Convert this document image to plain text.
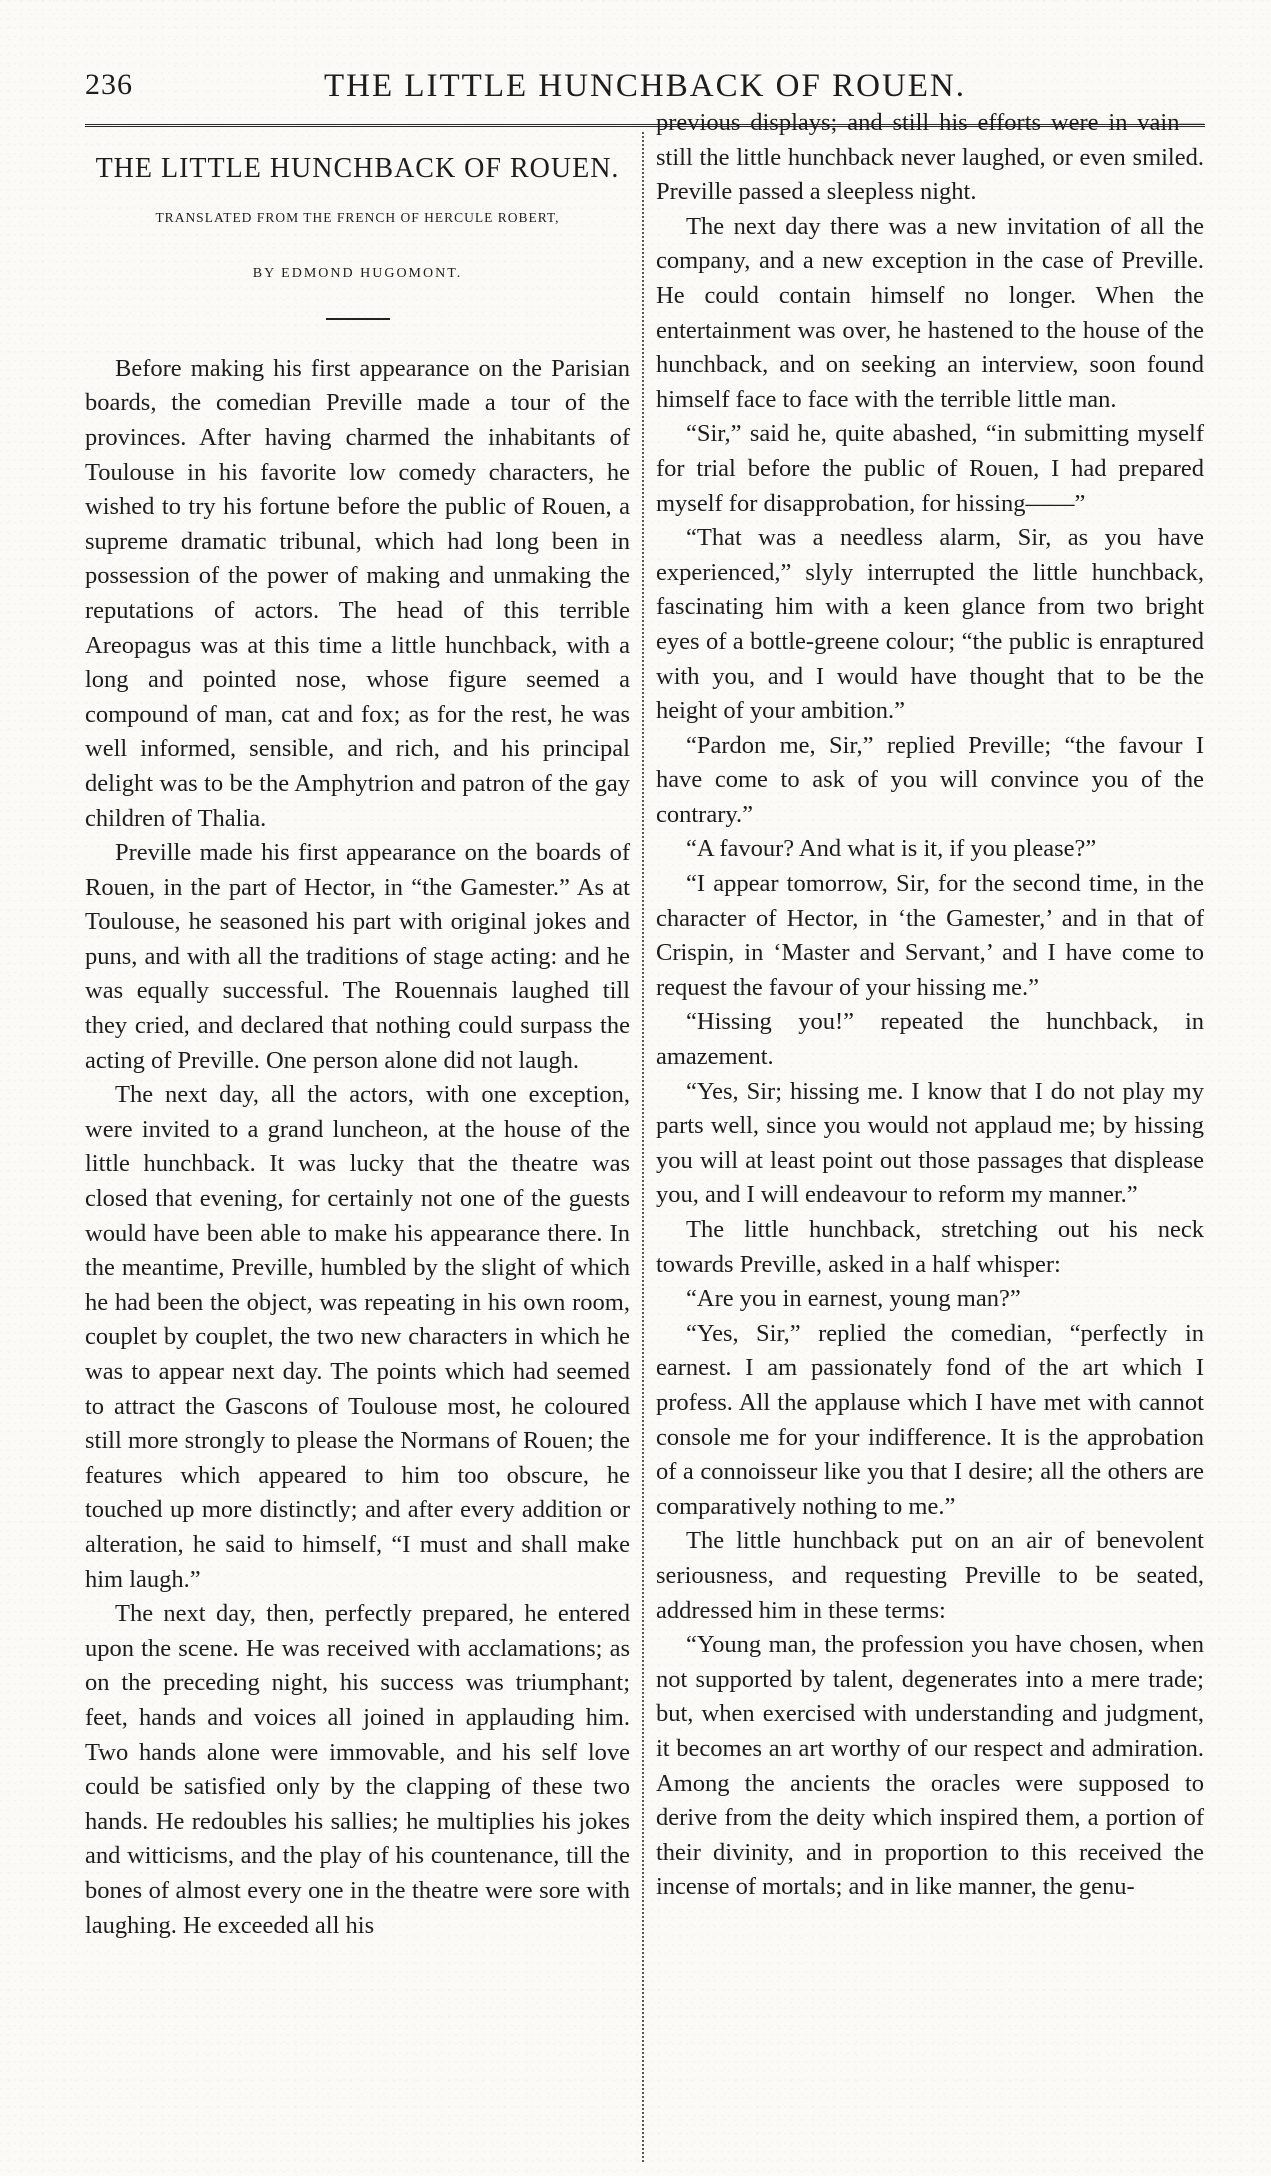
236	THE LITTLE HUNCHBACK OF ROUEN.
THE LITTLE HUNCHBACK OF ROUEN.
TRANSLATED FROM THE FRENCH OF HERCULE ROBERT,
BY EDMOND HUGOMONT.

Before making his first appearance on the Parisian boards, the comedian Preville made a tour of the provinces. After having charmed the inhabitants of Toulouse in his favorite low comedy characters, he wished to try his fortune before the public of Rouen, a supreme dramatic tribunal, which had long been in possession of the power of making and unmaking the reputations of actors. The head of this terrible Areopagus was at this time a little hunchback, with a long and pointed nose, whose figure seemed a compound of man, cat and fox; as for the rest, he was well informed, sensible, and rich, and his principal delight was to be the Amphytrion and patron of the gay children of Thalia.

Preville made his first appearance on the boards of Rouen, in the part of Hector, in “the Gamester.” As at Toulouse, he seasoned his part with original jokes and puns, and with all the traditions of stage acting: and he was equally successful. The Rouennais laughed till they cried, and declared that nothing could surpass the acting of Preville. One person alone did not laugh.

The next day, all the actors, with one exception, were invited to a grand luncheon, at the house of the little hunchback. It was lucky that the theatre was closed that evening, for certainly not one of the guests would have been able to make his appearance there. In the meantime, Preville, humbled by the slight of which he had been the object, was repeating in his own room, couplet by couplet, the two new characters in which he was to appear next day. The points which had seemed to attract the Gascons of Toulouse most, he coloured still more strongly to please the Normans of Rouen; the features which appeared to him too obscure, he touched up more distinctly; and after every addition or alteration, he said to himself, “I must and shall make him laugh.”

The next day, then, perfectly prepared, he entered upon the scene. He was received with acclamations; as on the preceding night, his success was triumphant; feet, hands and voices all joined in applauding him. Two hands alone were immovable, and his self love could be satisfied only by the clapping of these two hands. He redoubles his sallies; he multiplies his jokes and witticisms, and the play of his countenance, till the bones of almost every one in the theatre were sore with laughing. He exceeded all his

previous displays; and still his efforts were in vain—still the little hunchback never laughed, or even smiled. Preville passed a sleepless night.

The next day there was a new invitation of all the company, and a new exception in the case of Preville. He could contain himself no longer. When the entertainment was over, he hastened to the house of the hunchback, and on seeking an interview, soon found himself face to face with the terrible little man.

“Sir,” said he, quite abashed, “in submitting myself for trial before the public of Rouen, I had prepared myself for disapprobation, for hissing——”

“That was a needless alarm, Sir, as you have experienced,” slyly interrupted the little hunchback, fascinating him with a keen glance from two bright eyes of a bottle-greene colour; “the public is enraptured with you, and I would have thought that to be the height of your ambition.”

“Pardon me, Sir,” replied Preville; “the favour I have come to ask of you will convince you of the contrary.”

“A favour? And what is it, if you please?”

“I appear tomorrow, Sir, for the second time, in the character of Hector, in ‘the Gamester,’ and in that of Crispin, in ‘Master and Servant,’ and I have come to request the favour of your hissing me.”

“Hissing you!” repeated the hunchback, in amazement.

“Yes, Sir; hissing me. I know that I do not play my parts well, since you would not applaud me; by hissing you will at least point out those passages that displease you, and I will endeavour to reform my manner.”

The little hunchback, stretching out his neck towards Preville, asked in a half whisper:

“Are you in earnest, young man?”

“Yes, Sir,” replied the comedian, “perfectly in earnest. I am passionately fond of the art which I profess. All the applause which I have met with cannot console me for your indifference. It is the approbation of a connoisseur like you that I desire; all the others are comparatively nothing to me.”

The little hunchback put on an air of benevolent seriousness, and requesting Preville to be seated, addressed him in these terms:

“Young man, the profession you have chosen, when not supported by talent, degenerates into a mere trade; but, when exercised with understanding and judgment, it becomes an art worthy of our respect and admiration. Among the ancients the oracles were supposed to derive from the deity which inspired them, a portion of their divinity, and in proportion to this received the incense of mortals; and in like manner, the genu-
